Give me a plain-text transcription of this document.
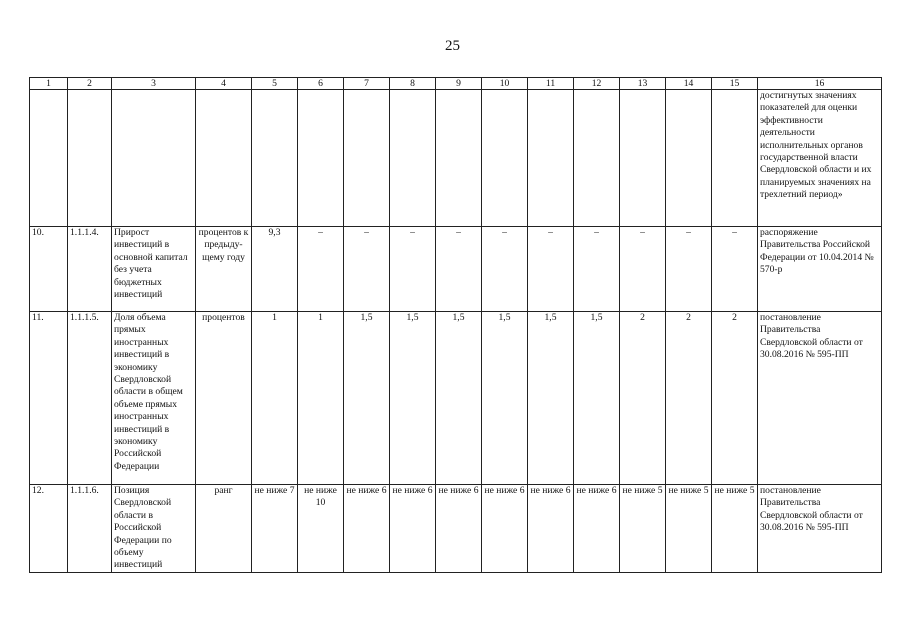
25
1	2	3	4	5	6	7	8	9	10	11	12	13	14	15	16
															достигнутых значениях показателей для оценки эффективности деятельности исполнительных органов государственной власти Свердловской области и их планируемых значениях на трехлетний период»
10.	1.1.1.4.	Прирост инвестиций в основной капитал без учета бюджетных инвестиций	процентов к предыду-щему году	9,3	–	–	–	–	–	–	–	–	–	–	распоряжение Правительства Российской Федерации от 10.04.2014 № 570-р
11.	1.1.1.5.	Доля объема прямых иностранных инвестиций в экономику Свердловской области в общем объеме прямых иностранных инвестиций в экономику Российской Федерации	процентов	1	1	1,5	1,5	1,5	1,5	1,5	1,5	2	2	2	постановление Правительства Свердловской области от 30.08.2016 № 595-ПП
12.	1.1.1.6.	Позиция Свердловской области в Российской Федерации по объему инвестиций	ранг	не ниже 7	не ниже 10	не ниже 6	не ниже 6	не ниже 6	не ниже 6	не ниже 6	не ниже 6	не ниже 5	не ниже 5	не ниже 5	постановление Правительства Свердловской области от 30.08.2016 № 595-ПП
